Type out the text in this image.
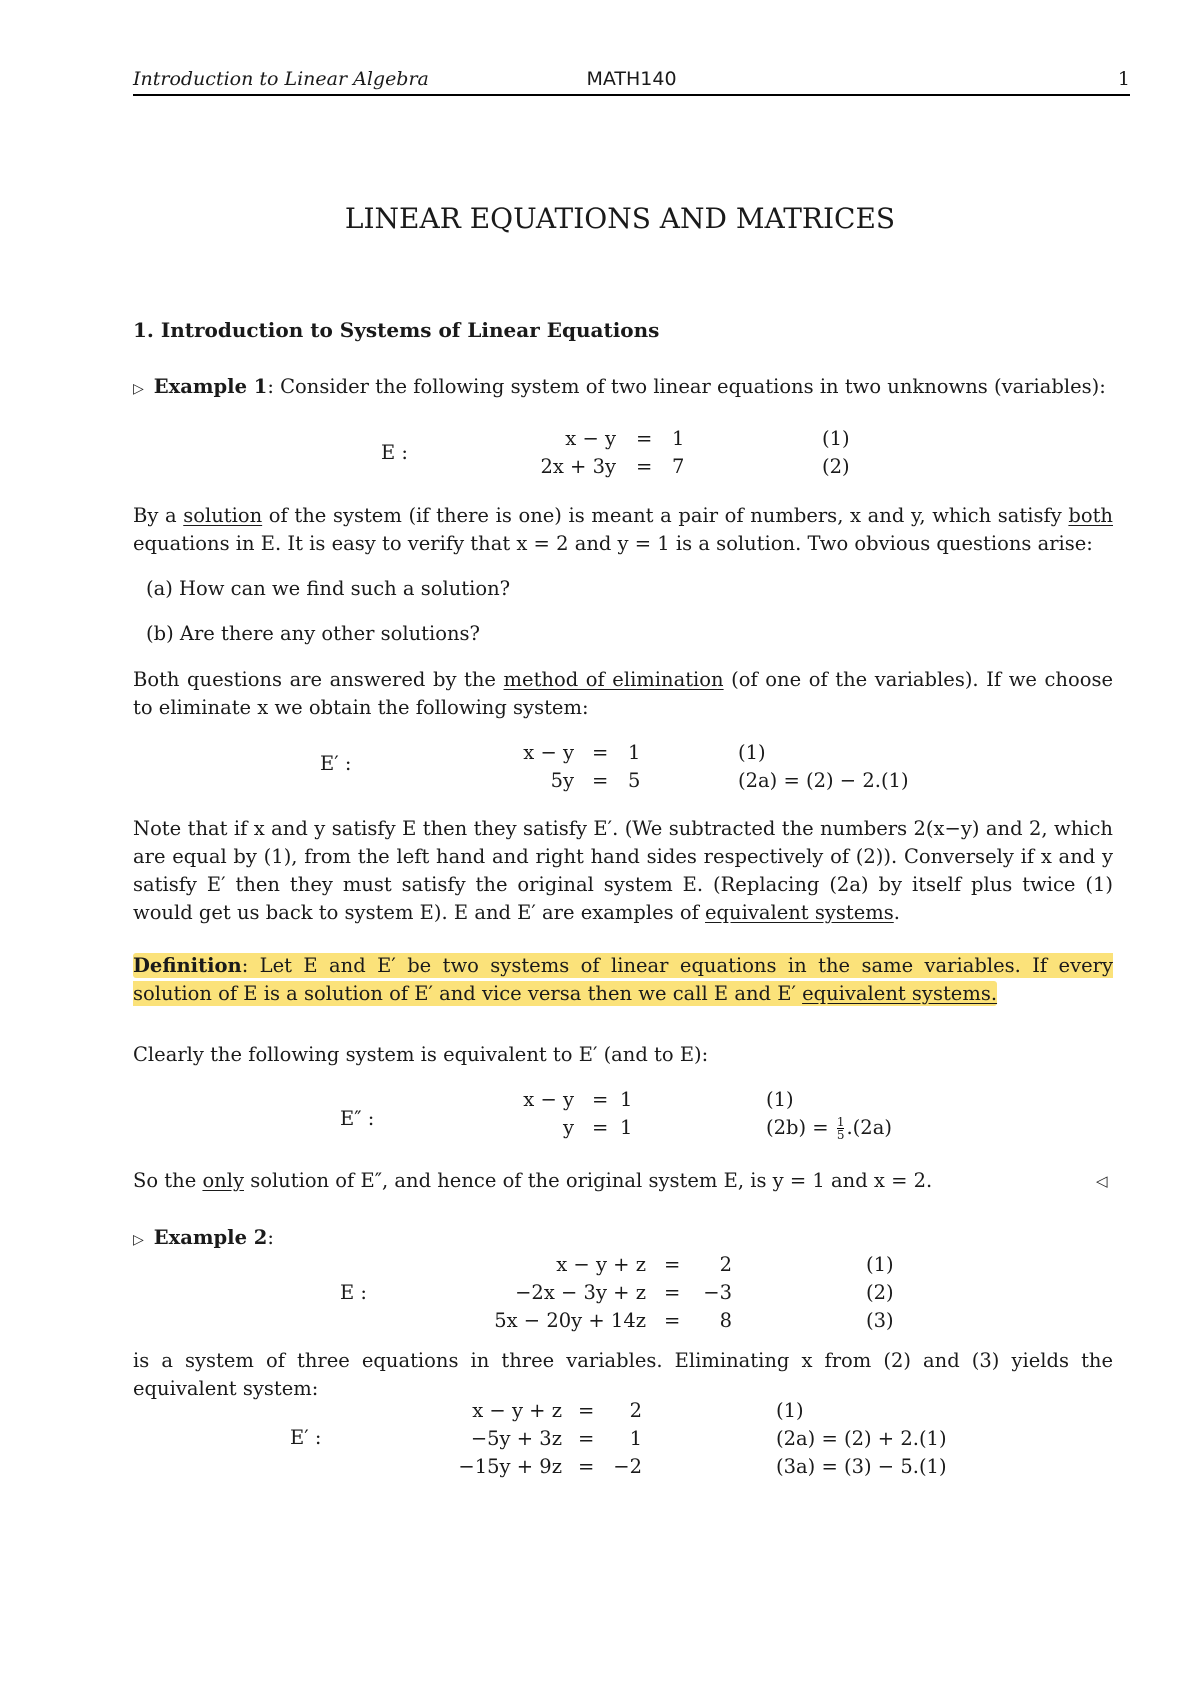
Introduction to Linear Algebra	MATH140	1
LINEAR EQUATIONS AND MATRICES
1. Introduction to Systems of Linear Equations
▷ Example 1: Consider the following system of two linear equations in two unknowns (variables):
E :
x − y = 1	(1)
2x + 3y = 7	(2)
By a solution of the system (if there is one) is meant a pair of numbers, x and y, which satisfy both equations in E. It is easy to verify that x = 2 and y = 1 is a solution. Two obvious questions arise:
(a) How can we find such a solution?
(b) Are there any other solutions?
Both questions are answered by the method of elimination (of one of the variables). If we choose to eliminate x we obtain the following system:
E′ :	x − y = 1	(1)
5y = 5	(2a) = (2) − 2.(1)
Note that if x and y satisfy E then they satisfy E′. (We subtracted the numbers 2(x−y) and 2, which are equal by (1), from the left hand and right hand sides respectively of (2)). Conversely if x and y satisfy E′ then they must satisfy the original system E. (Replacing (2a) by itself plus twice (1) would get us back to system E). E and E′ are examples of equivalent systems.
Definition: Let E and E′ be two systems of linear equations in the same variables. If every solution of E is a solution of E′ and vice versa then we call E and E′ equivalent systems.
Clearly the following system is equivalent to E′ (and to E):
E″ :
x − y = 1	(1)
y = 1	$(2b) = \frac{1}{5} .(2a)$
So the only solution of E″, and hence of the original system E, is y = 1 and x = 2.	◁
▷ Example 2:
E :
x − y + z =	2	(1)
−2x − 3y + z = −3	(2)
5x − 20y + 14z =	8	(3)
is a system of three equations in three variables. Eliminating x from (2) and (3) yields the equivalent system:
E′ :
x − y + z =	2	(1)
−5y + 3z =	1	(2a) = (2) + 2.(1)
−15y + 9z = −2	(3a) = (3) − 5.(1)
